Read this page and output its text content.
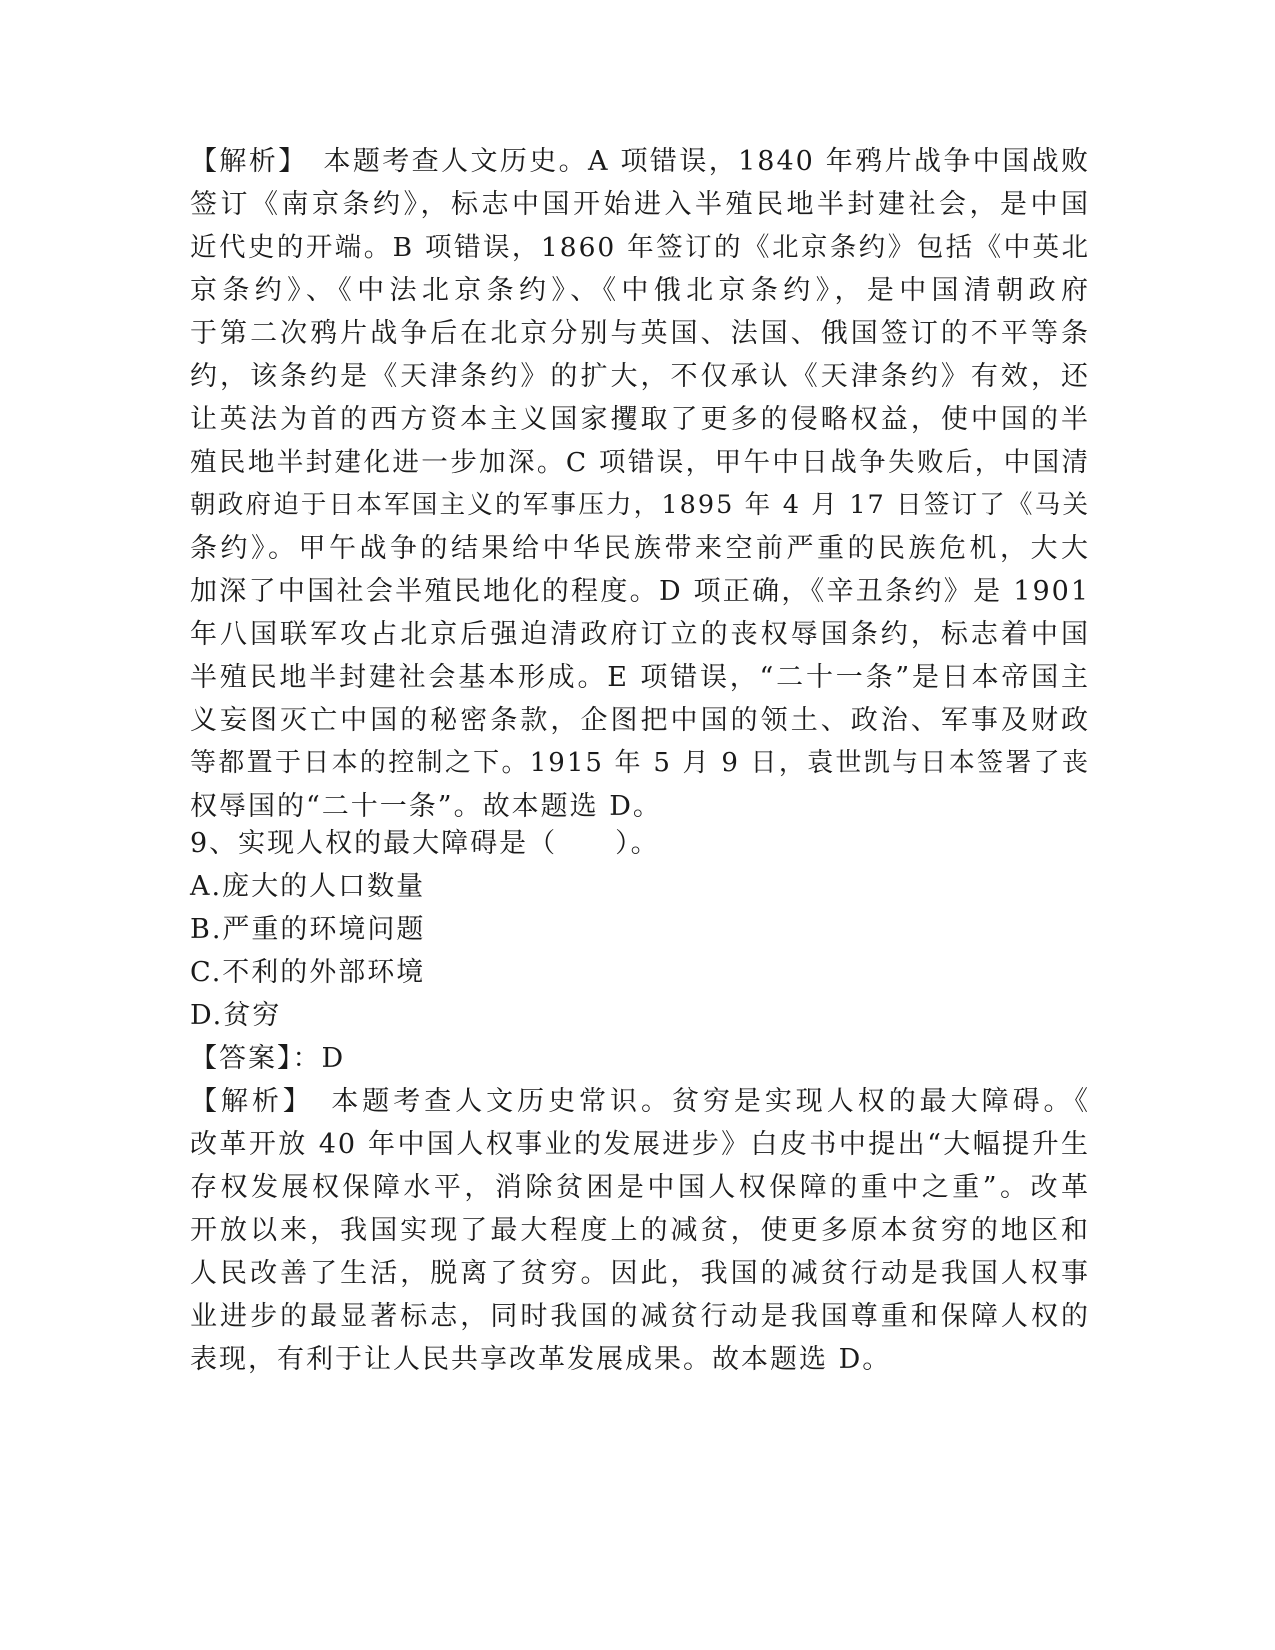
【解析】　本题考查人文历史。A 项错误，1840 年鸦片战争中国战败
签订《南京条约》，标志中国开始进入半殖民地半封建社会，是中国
近代史的开端。B 项错误，1860 年签订的《北京条约》包括《中英北
京条约》、《中法北京条约》、《中俄北京条约》，是中国清朝政府
于第二次鸦片战争后在北京分别与英国、法国、俄国签订的不平等条
约，该条约是《天津条约》的扩大，不仅承认《天津条约》有效，还
让英法为首的西方资本主义国家攫取了更多的侵略权益，使中国的半
殖民地半封建化进一步加深。C 项错误，甲午中日战争失败后，中国清
朝政府迫于日本军国主义的军事压力，1895 年 4 月 17 日签订了《马关
条约》。甲午战争的结果给中华民族带来空前严重的民族危机，大大
加深了中国社会半殖民地化的程度。D 项正确，《辛丑条约》是 1901
年八国联军攻占北京后强迫清政府订立的丧权辱国条约，标志着中国
半殖民地半封建社会基本形成。E 项错误，“二十一条”是日本帝国主
义妄图灭亡中国的秘密条款，企图把中国的领土、政治、军事及财政
等都置于日本的控制之下。1915 年 5 月 9 日，袁世凯与日本签署了丧
权辱国的“二十一条”。故本题选 D。
9、实现人权的最大障碍是（　　）。
A.庞大的人口数量
B.严重的环境问题
C.不利的外部环境
D.贫穷
【答案】：D
【解析】　本题考查人文历史常识。贫穷是实现人权的最大障碍。《
改革开放 40 年中国人权事业的发展进步》白皮书中提出“大幅提升生
存权发展权保障水平，消除贫困是中国人权保障的重中之重”。改革
开放以来，我国实现了最大程度上的减贫，使更多原本贫穷的地区和
人民改善了生活，脱离了贫穷。因此，我国的减贫行动是我国人权事
业进步的最显著标志，同时我国的减贫行动是我国尊重和保障人权的
表现，有利于让人民共享改革发展成果。故本题选 D。
